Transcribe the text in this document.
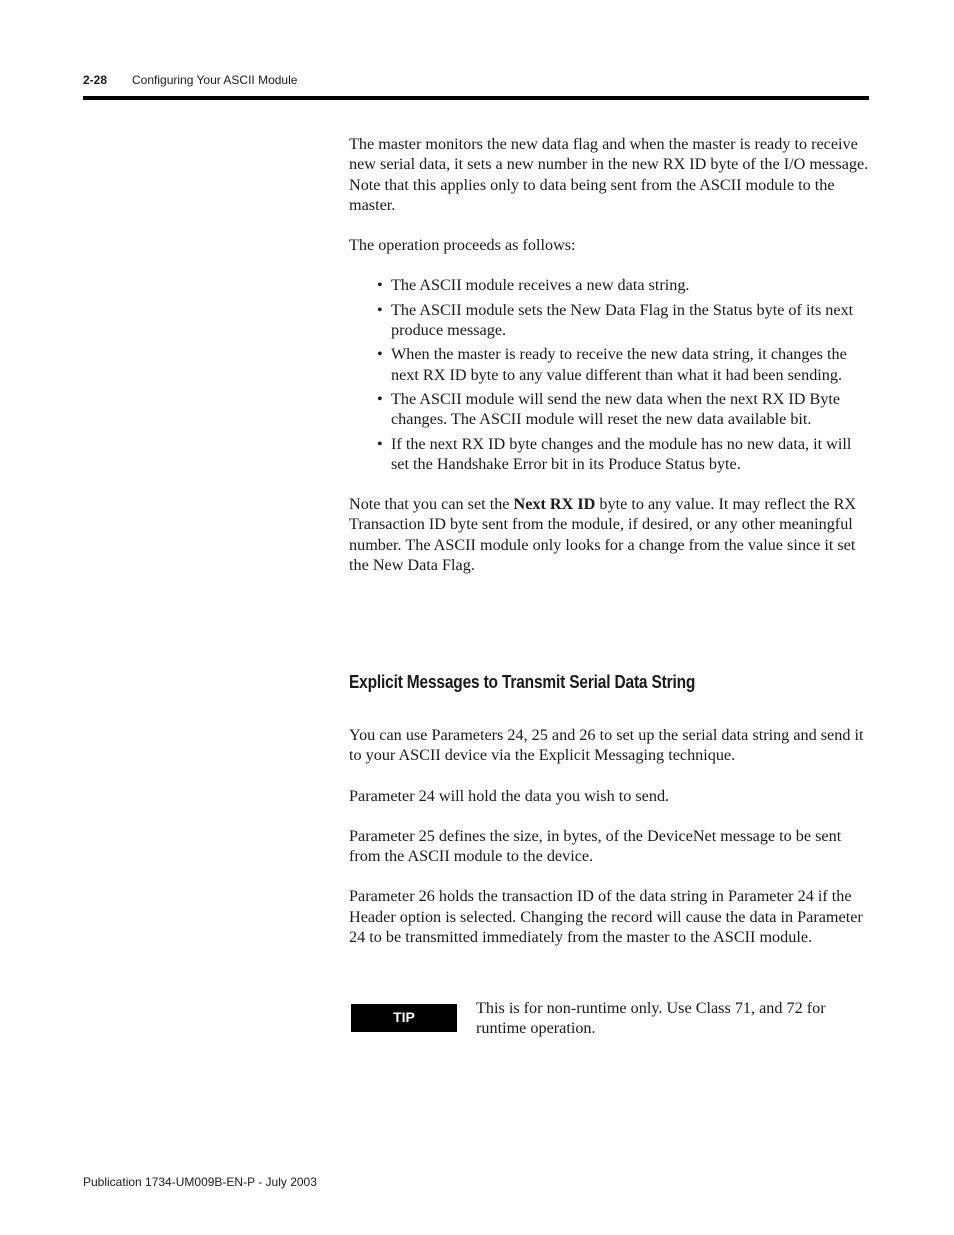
2-28 Configuring Your ASCII Module

The master monitors the new data flag and when the master is ready to receive new serial data, it sets a new number in the new RX ID byte of the I/O message. Note that this applies only to data being sent from the ASCII module to the master.

The operation proceeds as follows:

• The ASCII module receives a new data string.
• The ASCII module sets the New Data Flag in the Status byte of its next produce message.
• When the master is ready to receive the new data string, it changes the next RX ID byte to any value different than what it had been sending.
• The ASCII module will send the new data when the next RX ID Byte changes. The ASCII module will reset the new data available bit.
• If the next RX ID byte changes and the module has no new data, it will set the Handshake Error bit in its Produce Status byte.

Note that you can set the Next RX ID byte to any value. It may reflect the RX Transaction ID byte sent from the module, if desired, or any other meaningful number. The ASCII module only looks for a change from the value since it set the New Data Flag.

Explicit Messages to Transmit Serial Data String

You can use Parameters 24, 25 and 26 to set up the serial data string and send it to your ASCII device via the Explicit Messaging technique.

Parameter 24 will hold the data you wish to send.

Parameter 25 defines the size, in bytes, of the DeviceNet message to be sent from the ASCII module to the device.

Parameter 26 holds the transaction ID of the data string in Parameter 24 if the Header option is selected. Changing the record will cause the data in Parameter 24 to be transmitted immediately from the master to the ASCII module.

TIP	This is for non-runtime only. Use Class 71, and 72 for runtime operation.

Publication 1734-UM009B-EN-P - July 2003
